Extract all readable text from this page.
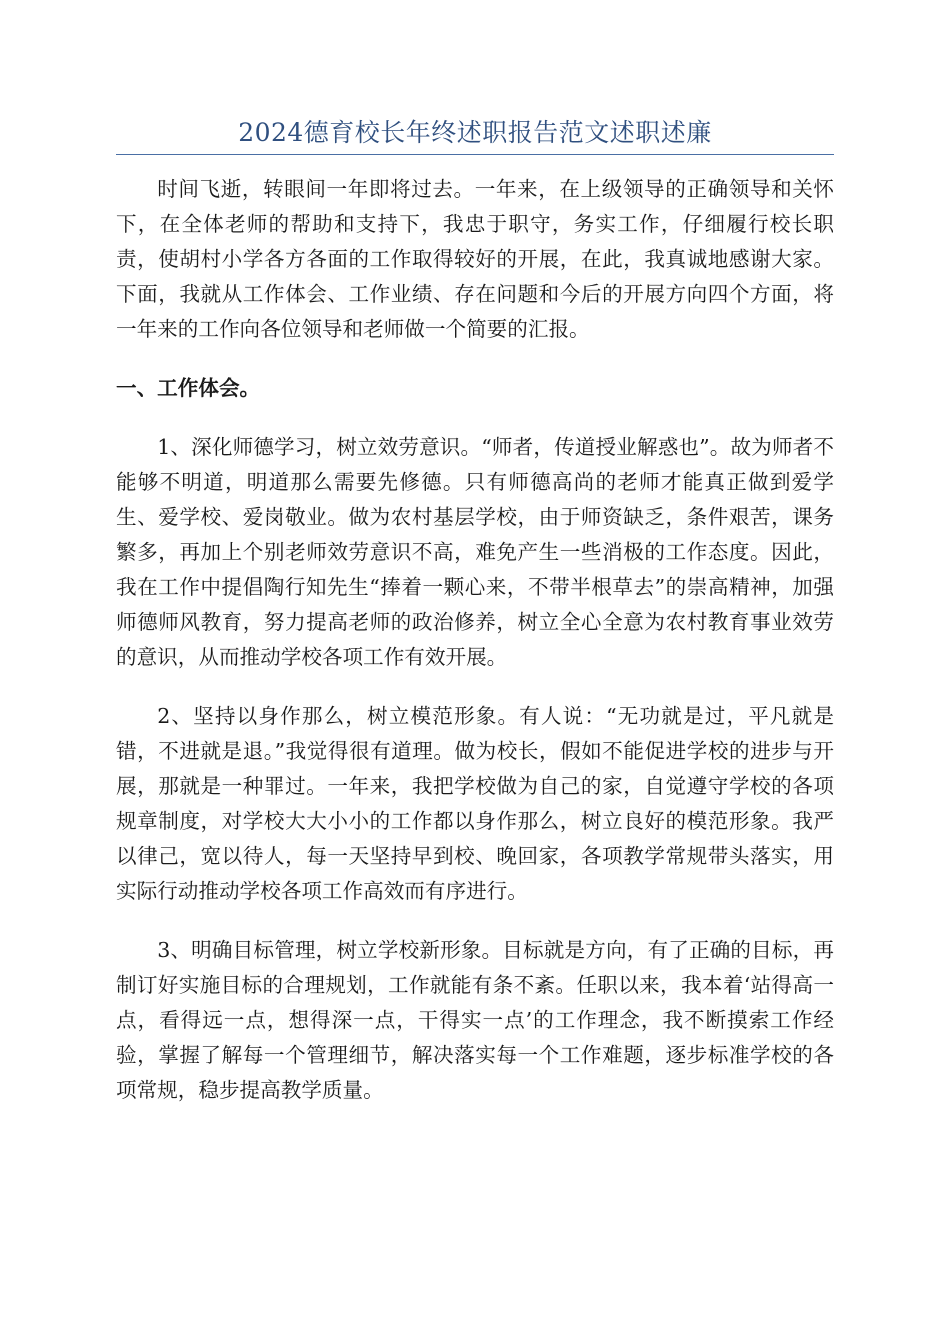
2024德育校长年终述职报告范文述职述廉

时间飞逝，转眼间一年即将过去。一年来，在上级领导的正确领导和关怀下，在全体老师的帮助和支持下，我忠于职守，务实工作，仔细履行校长职责，使胡村小学各方各面的工作取得较好的开展，在此，我真诚地感谢大家。下面，我就从工作体会、工作业绩、存在问题和今后的开展方向四个方面，将一年来的工作向各位领导和老师做一个简要的汇报。

一、工作体会。

1、深化师德学习，树立效劳意识。“师者，传道授业解惑也”。故为师者不能够不明道，明道那么需要先修德。只有师德高尚的老师才能真正做到爱学生、爱学校、爱岗敬业。做为农村基层学校，由于师资缺乏，条件艰苦，课务繁多，再加上个别老师效劳意识不高，难免产生一些消极的工作态度。因此，我在工作中提倡陶行知先生“捧着一颗心来，不带半根草去”的崇高精神，加强师德师风教育，努力提高老师的政治修养，树立全心全意为农村教育事业效劳的意识，从而推动学校各项工作有效开展。

2、坚持以身作那么，树立模范形象。有人说：“无功就是过，平凡就是错，不进就是退。”我觉得很有道理。做为校长，假如不能促进学校的进步与开展，那就是一种罪过。一年来，我把学校做为自己的家，自觉遵守学校的各项规章制度，对学校大大小小的工作都以身作那么，树立良好的模范形象。我严以律己，宽以待人，每一天坚持早到校、晚回家，各项教学常规带头落实，用实际行动推动学校各项工作高效而有序进行。

3、明确目标管理，树立学校新形象。目标就是方向，有了正确的目标，再制订好实施目标的合理规划，工作就能有条不紊。任职以来，我本着‘站得高一点，看得远一点，想得深一点，干得实一点’的工作理念，我不断摸索工作经验，掌握了解每一个管理细节，解决落实每一个工作难题，逐步标准学校的各项常规，稳步提高教学质量。
